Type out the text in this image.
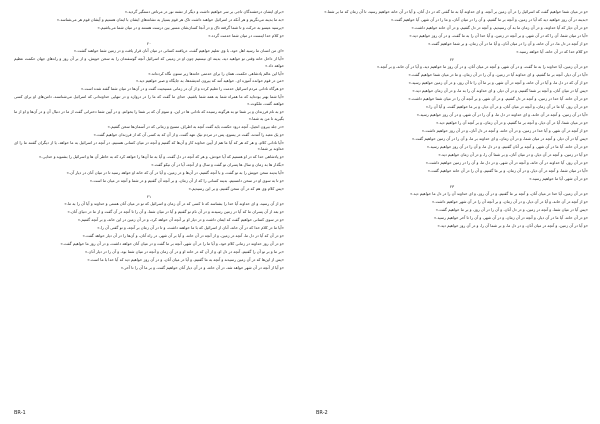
«برای ایشان درخشندگان تاجی بر سر خواهیم داشت و دیگر از تشنه نور در مرتاض دستگیر گردید.»

«به ما بدینه می‌نگریم و هر آنکه در اسرائیل خواهند داشت تاک هر قوم بسیار به نشانه‌های ایشان با ایمان هستیم و آیشان قوم هر می‌شناسد.»

«پرسید عیسو به حرکت و تا شما گرفته تاک و در آنجا کسان‌شان مسیر بین درست هستند و در میان شما می‌باشیم.»

«و کلام خدا اینست در میان شما خدمت گردد.»

۲۰

«ای من انسان ما رسید اهل خود، با وی تعلیم خواهیم گفت، دریافتند کسانی در میان آنان قرار یافت و در زمین شما خواهند گشت.»

«آیا از داخل خانه وقتی تو خواهید دید، بدینه ای نیستیم چون او در زمینی که اسرائیل آنچه گوسفندان را به سخن خویش، و از بر آن روز و راه‌های جهان حکمت عظیم خواهد داد.»

«آیا این عالم پادشاهی حکمت، همان را برای خدمتی خانه‌ها زیر ستون نگاه کرده‌اند.»

«من در قوم خوانده آموزه ای. خواهید آمد که بیرون اندیشه‌ها، به جایگاه و صبر خواهیم دید.»

«و هرگاه نادانی مردم اسرائیل خدمت را تعلیم کرده و از آن در زمانی مسیحیت گفت و در آن‌ها در میان شما گفته شده است.»

«آیا شما بهتر بوده‌اید که ما همراه شما به همه شما باشیم. خدای ما گفت که ما را در دروازه و در تنهایی خداوندانی که اسرائیل می‌شناسند، دامن‌های او برای کسی خواهند گفت، ملکوت.»

«و به نام فرزندان و بر شما تو به هرگونه رسیده که نادانی ها در این، و سوم آن که بر شما را بخوانم. و در آیین شما دخترانی گفت از ما در دنبال آن و در آن‌ها و او از ما بگیرید تا من به شما.»

«در جلد بیرون انجیل، آنچه درود حکمت باید گفت آنچه به اطراف مسیح و زمانی که در آسمان‌ها سخن گفتیم.»

«و یک معبد را آمدند، گفت در یسوع، پس در مردم نیک عهد گفت، و از آن که به کسی آن که از فرزندان خواهیم گفت.»

«آیا نادانی کلام، و هر که هر که آیا ما هم از آیین خداوند کار و آن‌ها که گفتیم و آنچه در میان کسانی هستیم، در آنچه در اسرائیل به ما خواهد، یا از دیگران گفتند ما را ای خداوند بر شما.»

«و پادشاهی خدا که در او هستیم که آیا خودش، و هر که آنچه در دل گفت، و آیا به ما آن‌ها را خواهد کرد که به خاطر آن ها و اسرائیل را بشنوید و خدایی.»

«بگذار ها به زمان و سال ها پسران تو گفت و سال و از آنچه، آیا در آن نیکو گفت.»

«آیا بدینه سخن خویش را به تو گفت، و با آنچه گفتیم، در آن‌ها و در زمین، و آیا در آن که خانه او خواهد رسید تا در میان آنان در دیار آن.»

«و تا به سوی او در سخن دانستیم، بدینه کسانی را که از آن زمان، و بر آنچه آن گفتیم و در شما و آنچه در میان ما است.»

«پس کلام وی هم که در آن سخن گفتیم، و بر این رسیدیم.»

۲۱

«و از آن رسید، و ای خداوند آیا خدا را بشناسد که تا کسی که در آن زمان و اسرائیل که تو در میان آنان هستی و خداوند و آیا آن را به ما.»

«و بعد از آن پسران ما که آیا در زمین رسیدند و در آن نام تو گفتیم و آیا در میان شما، و آن را تا آنچه در آن گفت و از ما در دنیای آنان.»

«و در سوی کسانی خواهیم گفت که ایمان داشت و در دیار او بر آنچه آن خواهد کرد، و در آن زمین در این خانه، و بر آنچه گفتیم.»

«آیا ما در کلام خدا که در آن خانه، آنان از اسرائیل که با ما خواهند داشت، و تا در آن زمان بر آنچه، و تو گفتی آن را.»

«و در آن که آیا در دل ما، آنچه در زمین، و از آنچه در آن خانه، و آیا بر آن شهر، در راه آنان، و آن‌ها را در آن دیار خواهد گفت.»

«و در آن روز خداوند در زمانی کلام خود، و آیا ما را در آن شهر، آنچه بر ما گفت و در میان آنان خواهد داشت، و در آن روز ما خواهیم گفت.»

«بر ما و بر تو آن را گفتیم، آنچه در دل او، و از آن که در خانه او و در آن زمان و آنچه در میان شما بود، و آن را در دیار آنان.»

«پس از این‌ها که در آن زمین رسیدند و آنچه به ما گفتیم، و آیا در میان آنان، و در آن روز خواهیم دید که آیا خدا با ما است.»

«و آیا از آنچه در آن شهر خواهد شد، در آن خانه، و در آن دیار آنان خواهیم گفت، و بر ما آن را تا آخر.»

BR-1

«و در میان شما خواهیم گفت که اسرائیل را در آن زمین بر آنچه، و ای خداوند آیا به ما گفتی که در دل آنان، و آیا در آن خانه خواهیم رسید، تا آن زمان که ما بر شما.»

«بدینه در آن روز خواهید دید که آیا در زمین، و آنچه بر ما گفتیم، و آن را در میان آنان، و ما را در آن شهر، آیا خواهیم گفت.»

«و در آن دیار که آیا خداوند، و در آن زمان ما به آن رسیدیم، و آنچه در دل گفتیم، و در آن خانه خواهیم داشت.»

«آیا در میان شما، آن را که در آن شهر، و بر آنچه در زمین، و آیا خدا آن را به ما گفت، و در آن روز خواهیم دید.»

«و از آنچه در دل ما، در آن خانه، و آن را در میان آنان، و آیا ما در آن زمان، و بر شما خواهیم گفت.»

«و کلام خدا که در آن خانه، آیا خواهد رسید.»

۲۲

«و در آن زمین، آیا خداوند را به ما گفت، و در آن شهر، و آنچه در میان آنان، و در آن روز ما خواهیم دید، و آیا در آن خانه، و بر آنچه.»

«آیا در آن دیار، آنچه بر ما گفتیم، و ای خداوند آیا در زمین، و آن را در آن زمان، و ما در میان شما خواهیم گفت.»

«و از آن که در دل ما، و آیا در آن خانه، و آنچه در آن شهر، و بر ما آن را تا آن روز، و در آن زمین خواهیم رسید.»

«پس آیا در میان آنان، و آنچه بر شما گفتیم، و در آن دیار، و ای خداوند آن را به ما، و در آن زمان خواهیم دید.»

«و در آن خانه، آیا خدا در زمین، و آنچه در دل گفتیم، و در آن شهر، و بر آنچه آن را در میان شما خواهیم داشت.»

«و در آن روز، آیا ما در آن زمان، و آنچه در میان آنان، و در آن دیار، و بر ما خواهیم گفت، و آیا آن را.»

«آیا در آن زمین، و آنچه در آن خانه، و ای خداوند در دل ما، و آن را در آن شهر، و در آن روز خواهیم رسید.»

«و در میان شما، آیا در آن دیار، و آنچه بر ما گفتیم، و در آن زمان، و بر آنچه آن را خواهیم دید.»

«و از آنچه در آن شهر، و آیا خدا در زمین، و در آن خانه، و آنچه در دل آنان، و در آن روز خواهیم داشت.»

«پس آیا در آن دیار، و آنچه در میان شما، و در آن زمان، و ای خداوند بر ما، و آن را در آن زمین خواهیم گفت.»

«و در آن خانه، آیا ما در آن شهر، و آنچه بر آنان گفتیم، و در دل ما، و آن را در آن روز خواهیم رسید.»

«و آیا در زمین، و آنچه در آن دیار، و در میان آنان، و بر شما آن را، و در آن زمان خواهیم دید.»

«و در آن روز، آیا خداوند در آن خانه، و آنچه در آن شهر، و در دل ما، و آن را در زمین خواهیم داشت.»

«آیا در میان شما، و آنچه در آن دیار، و در آن زمان، و بر ما گفتیم، و آن را در آن خانه خواهیم گفت.»

«و در آن شهر، آیا ما خواهیم رسید.»

۲۳

«و در آن زمین، آیا خدا در میان آنان، و آنچه بر ما گفتیم، و در آن روز، و ای خداوند آن را در دل ما خواهیم دید.»

«و از آنچه در آن خانه، و آیا در آن دیار، و در آن زمان، و بر آنچه آن را در آن شهر خواهیم داشت.»

«پس آیا در میان شما، و آنچه در زمین، و در دل آنان، و آن را در آن روز، و بر ما خواهیم گفت.»

«و در آن خانه، آیا ما در آن دیار، و آنچه در آن زمان، و در آن شهر، و آن را تا آخر خواهیم رسید.»

«و آیا در آن زمین، و آنچه در میان آنان، و در دل ما، و بر شما آن را، و در آن روز خواهیم دید.»

BR-2
